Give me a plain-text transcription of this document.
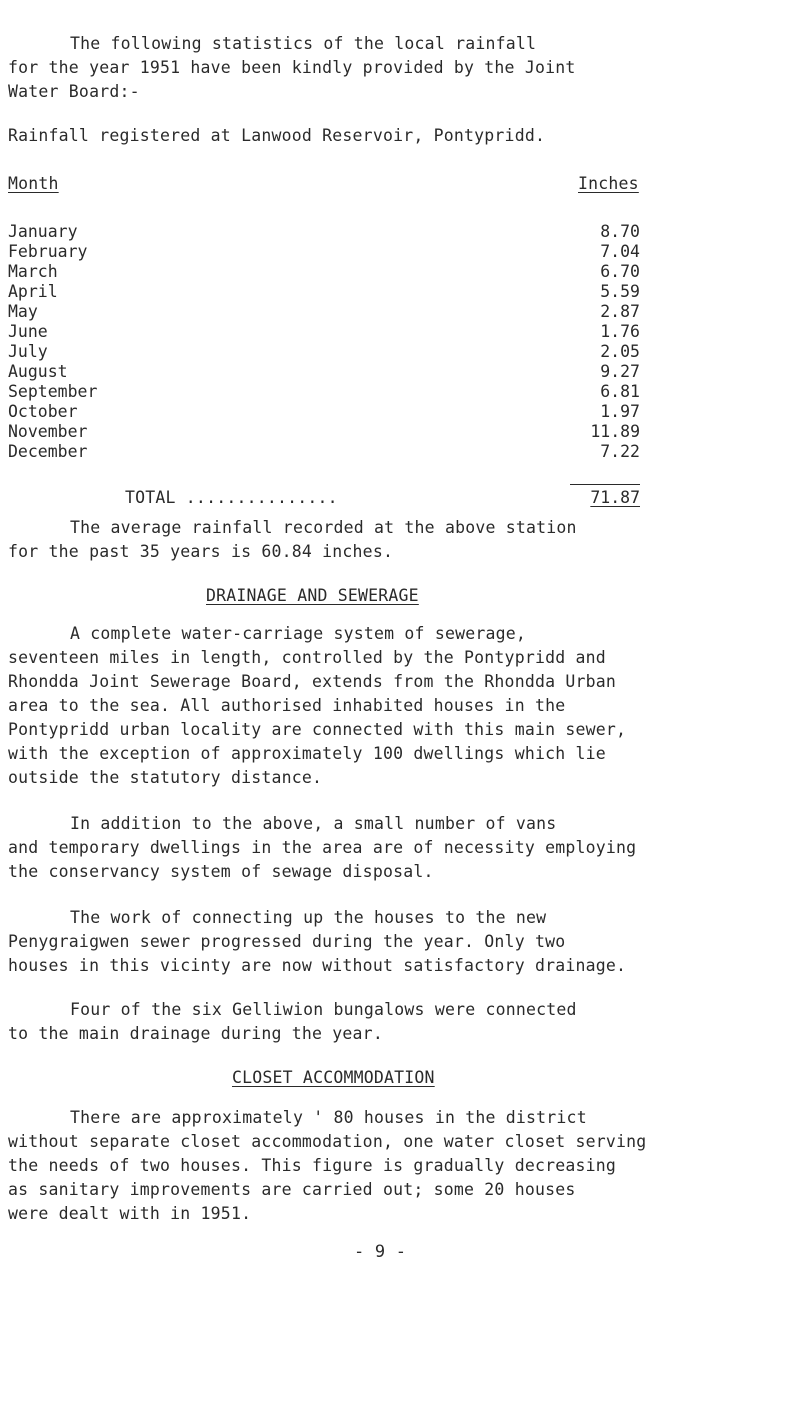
The following statistics of the local rainfall
for the year 1951 have been kindly provided by the Joint
Water Board:-
Rainfall registered at Lanwood Reservoir, Pontypridd.
Month	Inches
January	8.70
February	7.04
March	6.70
April	5.59
May	2.87
June	1.76
July	2.05
August	9.27
September	6.81
October	1.97
November	11.89
December	7.22
TOTAL ...............	71.87
The average rainfall recorded at the above station
for the past 35 years is 60.84 inches.
DRAINAGE AND SEWERAGE
A complete water-carriage system of sewerage,
seventeen miles in length, controlled by the Pontypridd and
Rhondda Joint Sewerage Board, extends from the Rhondda Urban
area to the sea. All authorised inhabited houses in the
Pontypridd urban locality are connected with this main sewer,
with the exception of approximately 100 dwellings which lie
outside the statutory distance.
In addition to the above, a small number of vans
and temporary dwellings in the area are of necessity employing
the conservancy system of sewage disposal.
The work of connecting up the houses to the new
Penygraigwen sewer progressed during the year. Only two
houses in this vicinty are now without satisfactory drainage.
Four of the six Gelliwion bungalows were connected
to the main drainage during the year.
CLOSET ACCOMMODATION
There are approximately ' 80 houses in the district
without separate closet accommodation, one water closet serving
the needs of two houses. This figure is gradually decreasing
as sanitary improvements are carried out; some 20 houses
were dealt with in 1951.
- 9 -
